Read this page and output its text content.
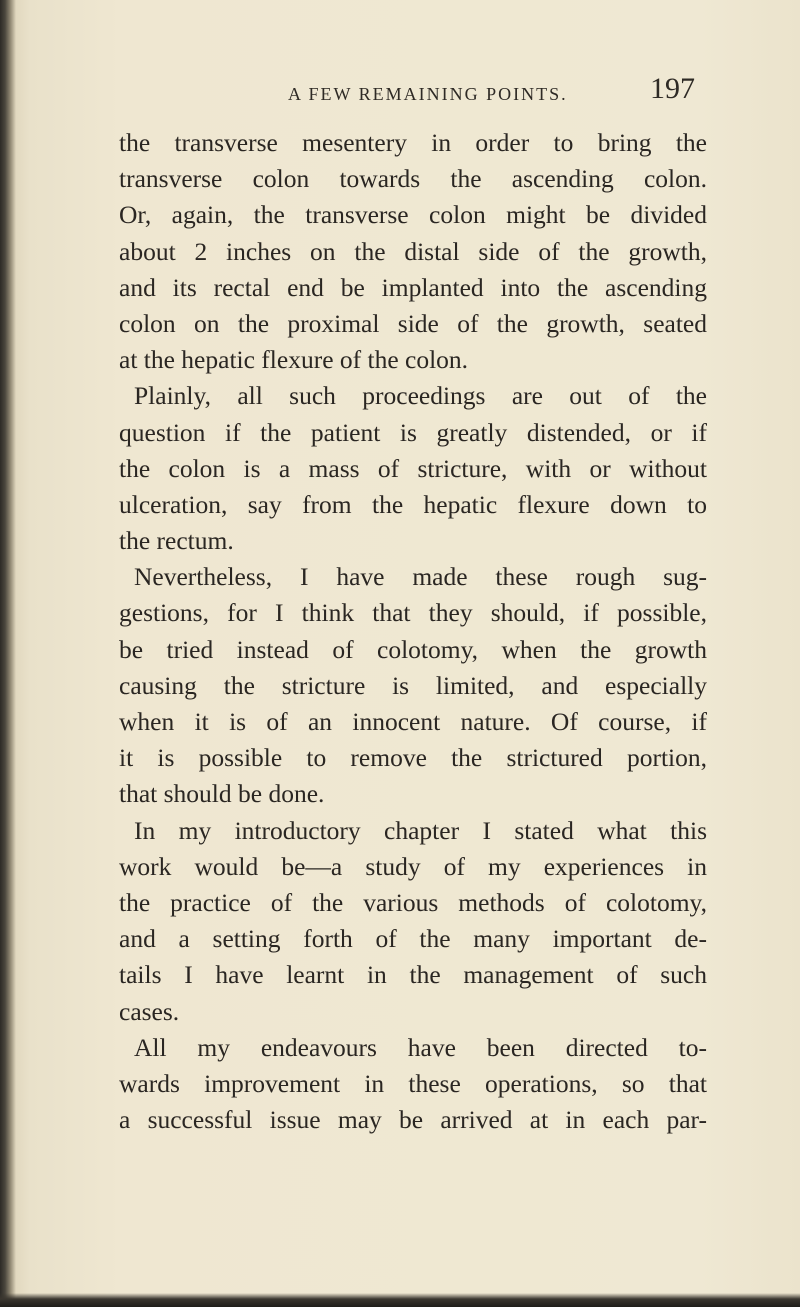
A FEW REMAINING POINTS.	197
the transverse mesentery in order to bring the
transverse colon towards the ascending colon.
Or, again, the transverse colon might be divided
about 2 inches on the distal side of the growth,
and its rectal end be implanted into the ascending
colon on the proximal side of the growth, seated
at the hepatic flexure of the colon.
Plainly, all such proceedings are out of the
question if the patient is greatly distended, or if
the colon is a mass of stricture, with or without
ulceration, say from the hepatic flexure down to
the rectum.
Nevertheless, I have made these rough sug-
gestions, for I think that they should, if possible,
be tried instead of colotomy, when the growth
causing the stricture is limited, and especially
when it is of an innocent nature. Of course, if
it is possible to remove the strictured portion,
that should be done.
In my introductory chapter I stated what this
work would be—a study of my experiences in
the practice of the various methods of colotomy,
and a setting forth of the many important de-
tails I have learnt in the management of such
cases.
All my endeavours have been directed to-
wards improvement in these operations, so that
a successful issue may be arrived at in each par-
